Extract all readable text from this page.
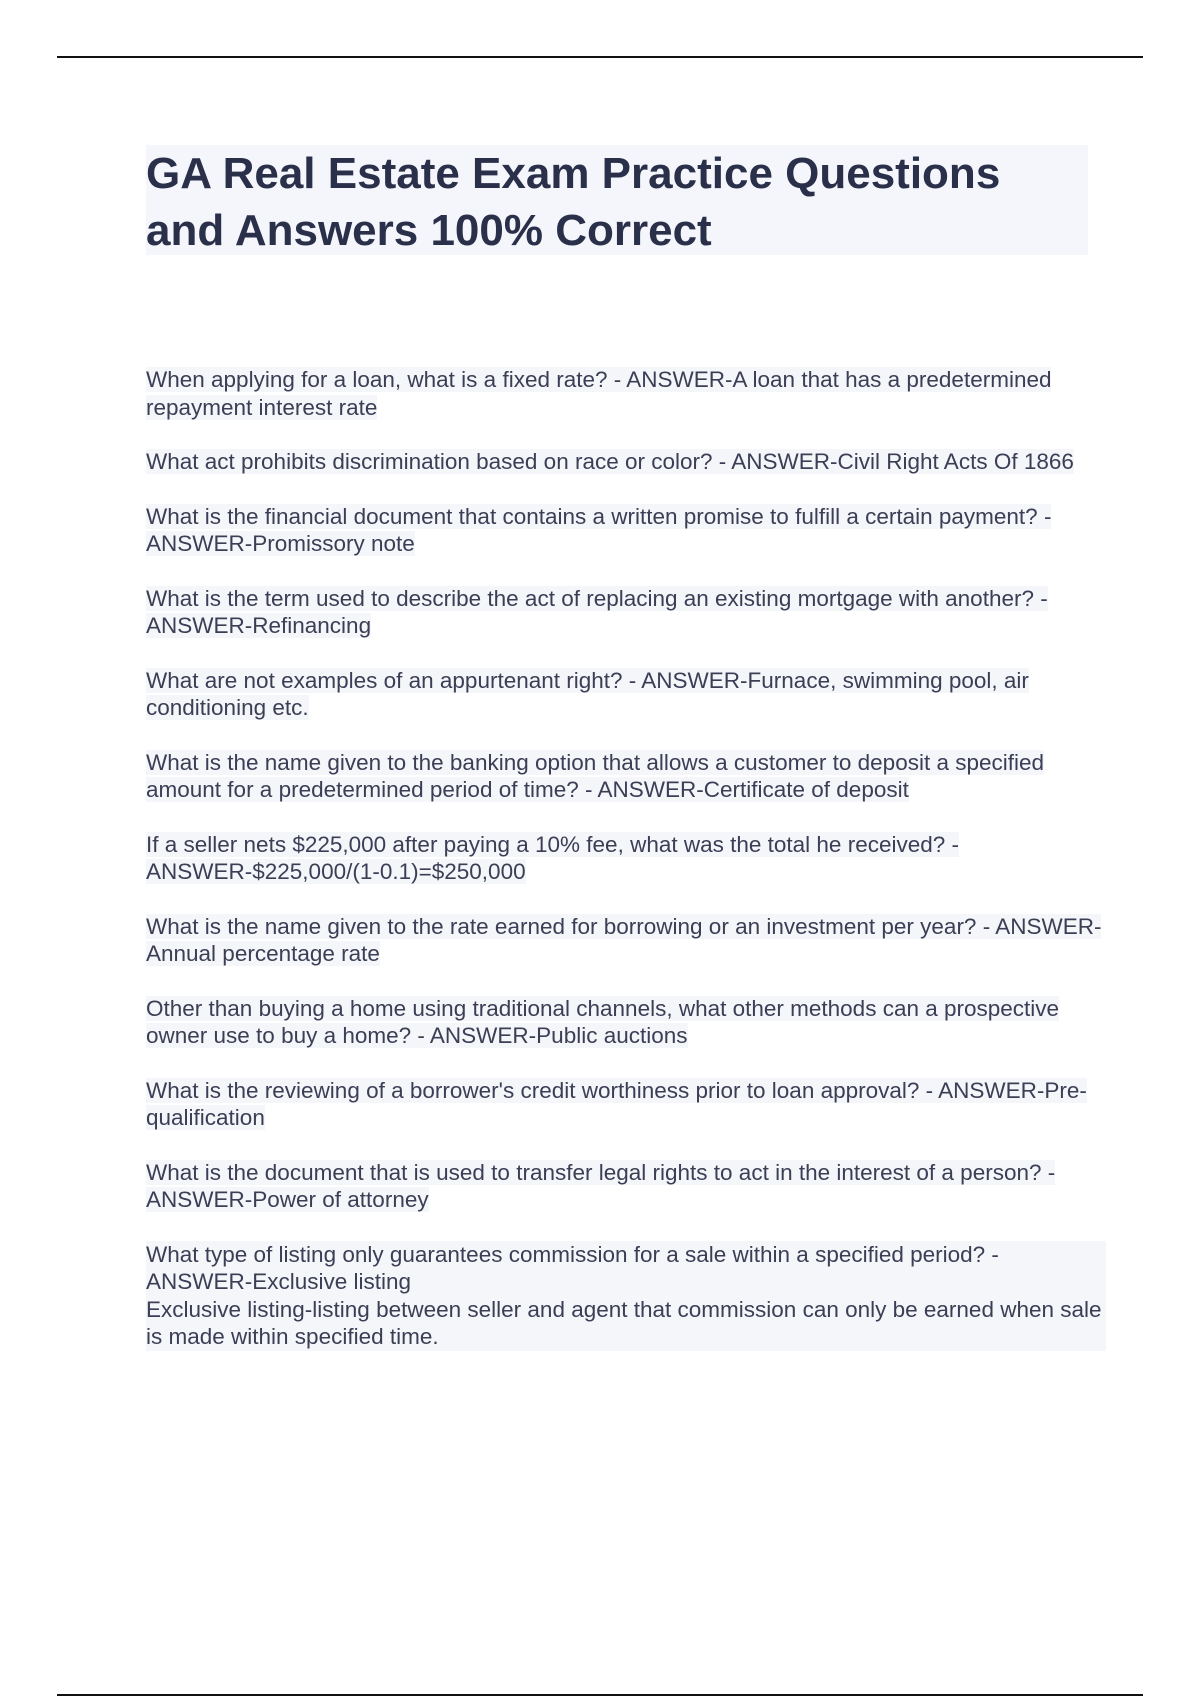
GA Real Estate Exam Practice Questions and Answers 100% Correct

When applying for a loan, what is a fixed rate? - ANSWER-A loan that has a predetermined repayment interest rate

What act prohibits discrimination based on race or color? - ANSWER-Civil Right Acts Of 1866

What is the financial document that contains a written promise to fulfill a certain payment? - ANSWER-Promissory note

What is the term used to describe the act of replacing an existing mortgage with another? - ANSWER-Refinancing

What are not examples of an appurtenant right? - ANSWER-Furnace, swimming pool, air conditioning etc.

What is the name given to the banking option that allows a customer to deposit a specified amount for a predetermined period of time? - ANSWER-Certificate of deposit

If a seller nets $225,000 after paying a 10% fee, what was the total he received? - ANSWER-$225,000/(1-0.1)=$250,000

What is the name given to the rate earned for borrowing or an investment per year? - ANSWER-Annual percentage rate

Other than buying a home using traditional channels, what other methods can a prospective owner use to buy a home? - ANSWER-Public auctions

What is the reviewing of a borrower's credit worthiness prior to loan approval? - ANSWER-Pre-qualification

What is the document that is used to transfer legal rights to act in the interest of a person? - ANSWER-Power of attorney

What type of listing only guarantees commission for a sale within a specified period? - ANSWER-Exclusive listing
Exclusive listing-listing between seller and agent that commission can only be earned when sale is made within specified time.
